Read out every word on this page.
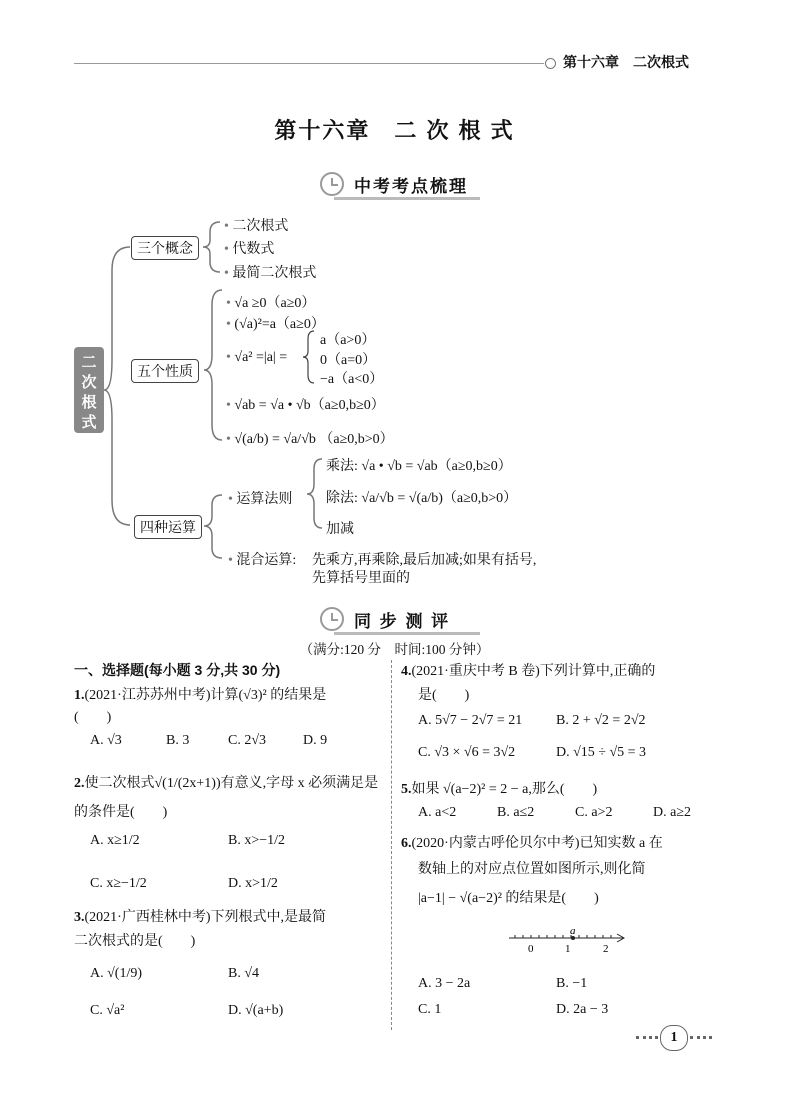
第十六章　 二次根式
第十六章　二 次 根 式
中考考点梳理
二
次
根
式
三个概念
五个性质
四种运算
• 二次根式
• 代数式
• 最简二次根式
• √a ≥0（a≥0）
• (√a)²=a（a≥0）
• √a² =|a| =
a（a>0）
0（a=0）
−a（a<0）
• √ab = √a • √b（a≥0,b≥0）
• √(a/b) = √a/√b （a≥0,b>0）
• 运算法则
乘法: √a • √b = √ab（a≥0,b≥0）
除法: √a/√b = √(a/b)（a≥0,b>0）
加减
• 混合运算: 先乘方,再乘除,最后加减;如果有括号,
先算括号里面的
同 步 测 评
（满分:120 分　时间:100 分钟）
一、选择题(每小题 3 分,共 30 分)
1.(2021·江苏苏州中考)计算(√3)² 的结果是
(　　)
A. √3	B. 3	C. 2√3	D. 9
2.使二次根式√(1/(2x+1))有意义,字母 x 必须满足是
的条件是(　　)
A. x≥1/2	B. x>−1/2
C. x≥−1/2	D. x>1/2
3.(2021·广西桂林中考)下列根式中,是最简
二次根式的是(　　)
A. √(1/9)	B. √4
C. √a²	D. √(a+b)
4.(2021·重庆中考 B 卷)下列计算中,正确的
是(　　)
A. 5√7 − 2√7 = 21 B. 2 + √2 = 2√2
C. √3 × √6 = 3√2	D. √15 ÷ √5 = 3
5.如果 √(a−2)² = 2 − a,那么(　　)
A. a<2	B. a≤2	C. a>2	D. a≥2
6.(2020·内蒙古呼伦贝尔中考)已知实数 a 在
数轴上的对应点位置如图所示,则化简
|a−1| − √(a−2)² 的结果是(　　)
0	1	2
a
A. 3 − 2a	B. −1
C. 1	D. 2a − 3
1
